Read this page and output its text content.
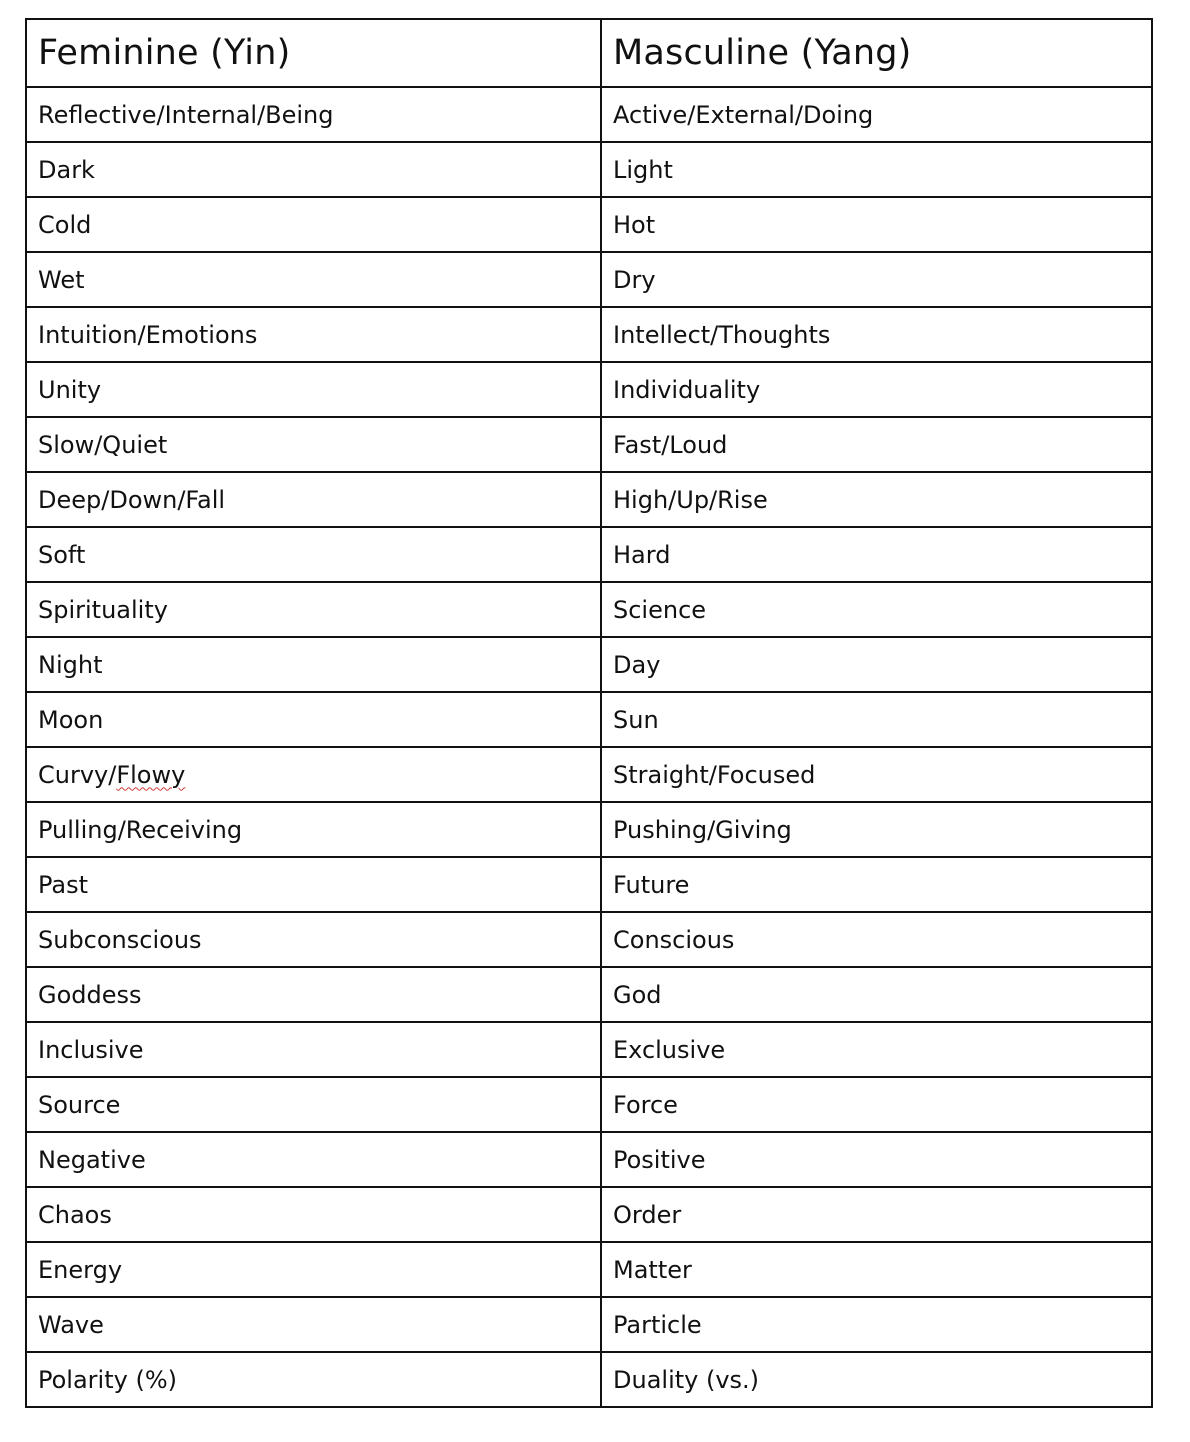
Feminine (Yin)	Masculine (Yang)
Reflective/Internal/Being	Active/External/Doing
Dark	Light
Cold	Hot
Wet	Dry
Intuition/Emotions	Intellect/Thoughts
Unity	Individuality
Slow/Quiet	Fast/Loud
Deep/Down/Fall	High/Up/Rise
Soft	Hard
Spirituality	Science
Night	Day
Moon	Sun
Curvy/Flowy	Straight/Focused
Pulling/Receiving	Pushing/Giving
Past	Future
Subconscious	Conscious
Goddess	God
Inclusive	Exclusive
Source	Force
Negative	Positive
Chaos	Order
Energy	Matter
Wave	Particle
Polarity (%)	Duality (vs.)
